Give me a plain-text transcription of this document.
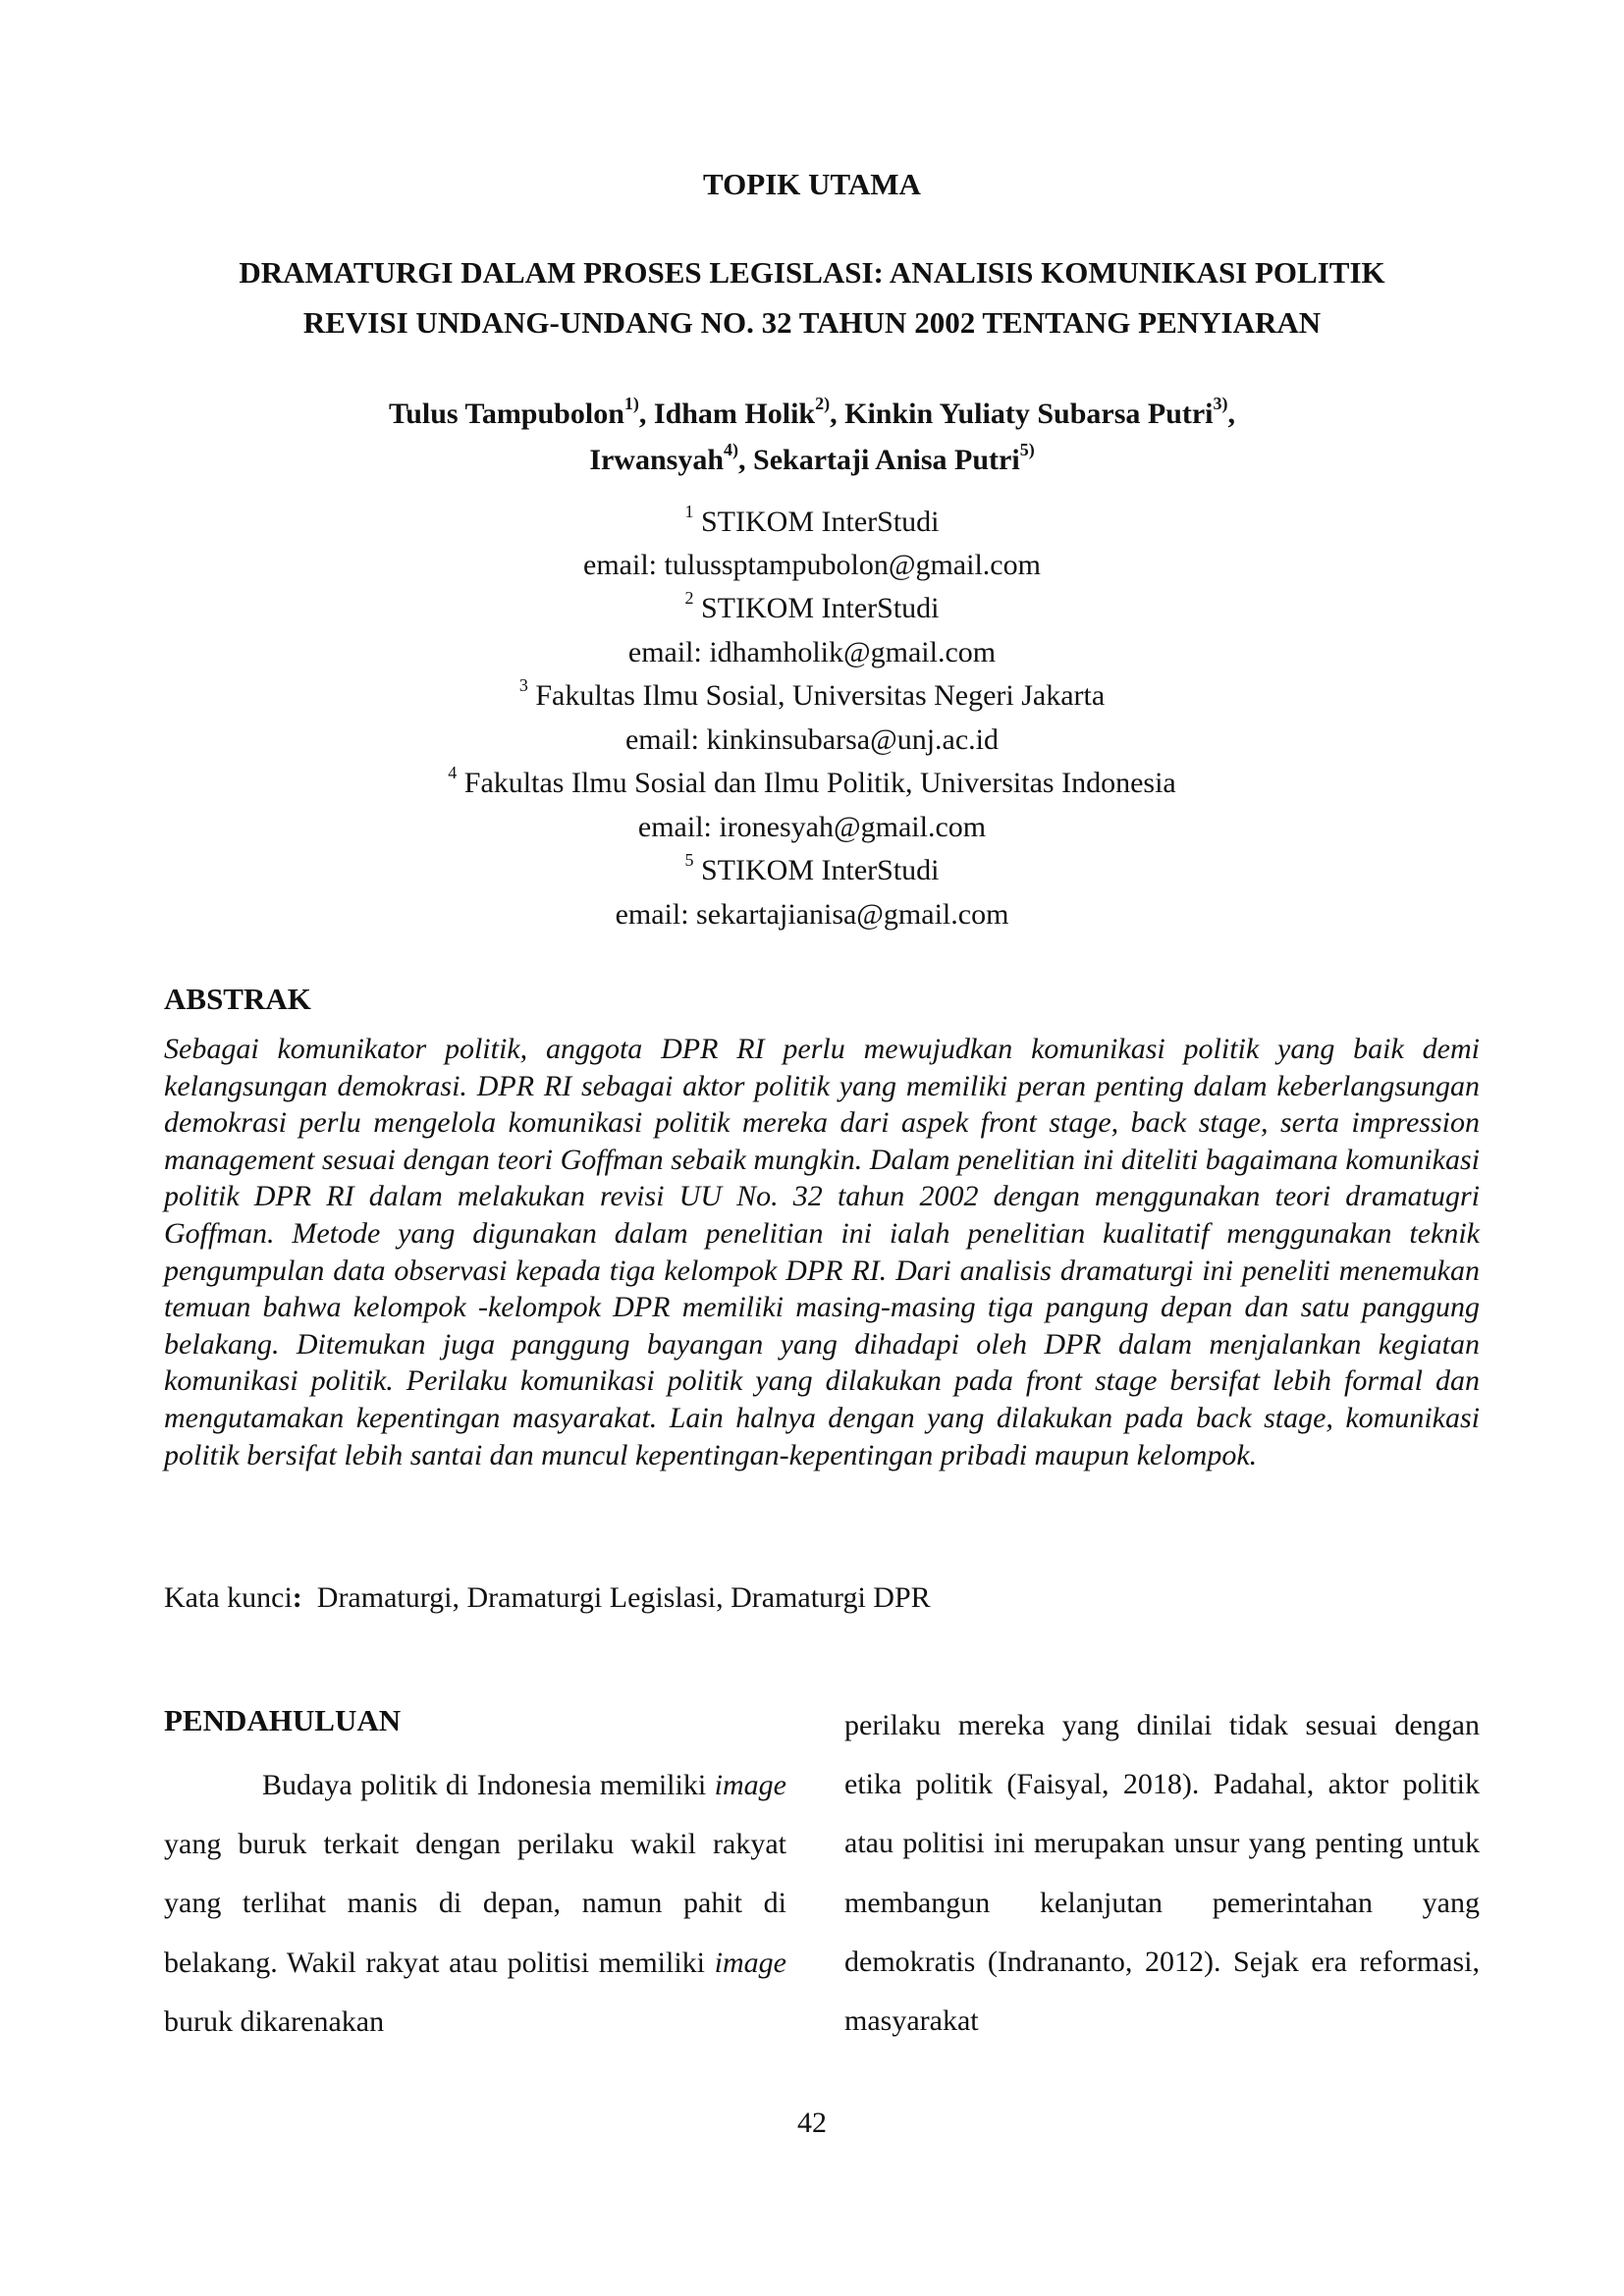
TOPIK UTAMA
DRAMATURGI DALAM PROSES LEGISLASI: ANALISIS KOMUNIKASI POLITIK
REVISI UNDANG-UNDANG NO. 32 TAHUN 2002 TENTANG PENYIARAN
Tulus Tampubolon$^{1)}$, Idham Holik$^{2)}$, Kinkin Yuliaty Subarsa Putri$^{3)}$,
Irwansyah$^{4)}$, Sekartaji Anisa Putri$^{5)}$
$^1$ STIKOM InterStudi
email: tulussptampubolon@gmail.com
$^2$ STIKOM InterStudi
email: idhamholik@gmail.com
$^3$ Fakultas Ilmu Sosial, Universitas Negeri Jakarta
email: kinkinsubarsa@unj.ac.id
$^4$ Fakultas Ilmu Sosial dan Ilmu Politik, Universitas Indonesia
email: ironesyah@gmail.com
$^5$ STIKOM InterStudi
email: sekartajianisa@gmail.com
ABSTRAK

Sebagai komunikator politik, anggota DPR RI perlu mewujudkan komunikasi politik yang baik demi kelangsungan demokrasi. DPR RI sebagai aktor politik yang memiliki peran penting dalam keberlangsungan demokrasi perlu mengelola komunikasi politik mereka dari aspek front stage, back stage, serta impression management sesuai dengan teori Goffman sebaik mungkin. Dalam penelitian ini diteliti bagaimana komunikasi politik DPR RI dalam melakukan revisi UU No. 32 tahun 2002 dengan menggunakan teori dramatugri Goffman. Metode yang digunakan dalam penelitian ini ialah penelitian kualitatif menggunakan teknik pengumpulan data observasi kepada tiga kelompok DPR RI. Dari analisis dramaturgi ini peneliti menemukan temuan bahwa kelompok -kelompok DPR memiliki masing-masing tiga pangung depan dan satu panggung belakang. Ditemukan juga panggung bayangan yang dihadapi oleh DPR dalam menjalankan kegiatan komunikasi politik. Perilaku komunikasi politik yang dilakukan pada front stage bersifat lebih formal dan mengutamakan kepentingan masyarakat. Lain halnya dengan yang dilakukan pada back stage, komunikasi politik bersifat lebih santai dan muncul kepentingan-kepentingan pribadi maupun kelompok.

Kata kunci: Dramaturgi, Dramaturgi Legislasi, Dramaturgi DPR
PENDAHULUAN

Budaya politik di Indonesia memiliki image yang buruk terkait dengan perilaku wakil rakyat yang terlihat manis di depan, namun pahit di belakang. Wakil rakyat atau politisi memiliki image buruk dikarenakan

perilaku mereka yang dinilai tidak sesuai dengan etika politik (Faisyal, 2018). Padahal, aktor politik atau politisi ini merupakan unsur yang penting untuk membangun kelanjutan pemerintahan yang demokratis (Indrananto, 2012). Sejak era reformasi, masyarakat

42
